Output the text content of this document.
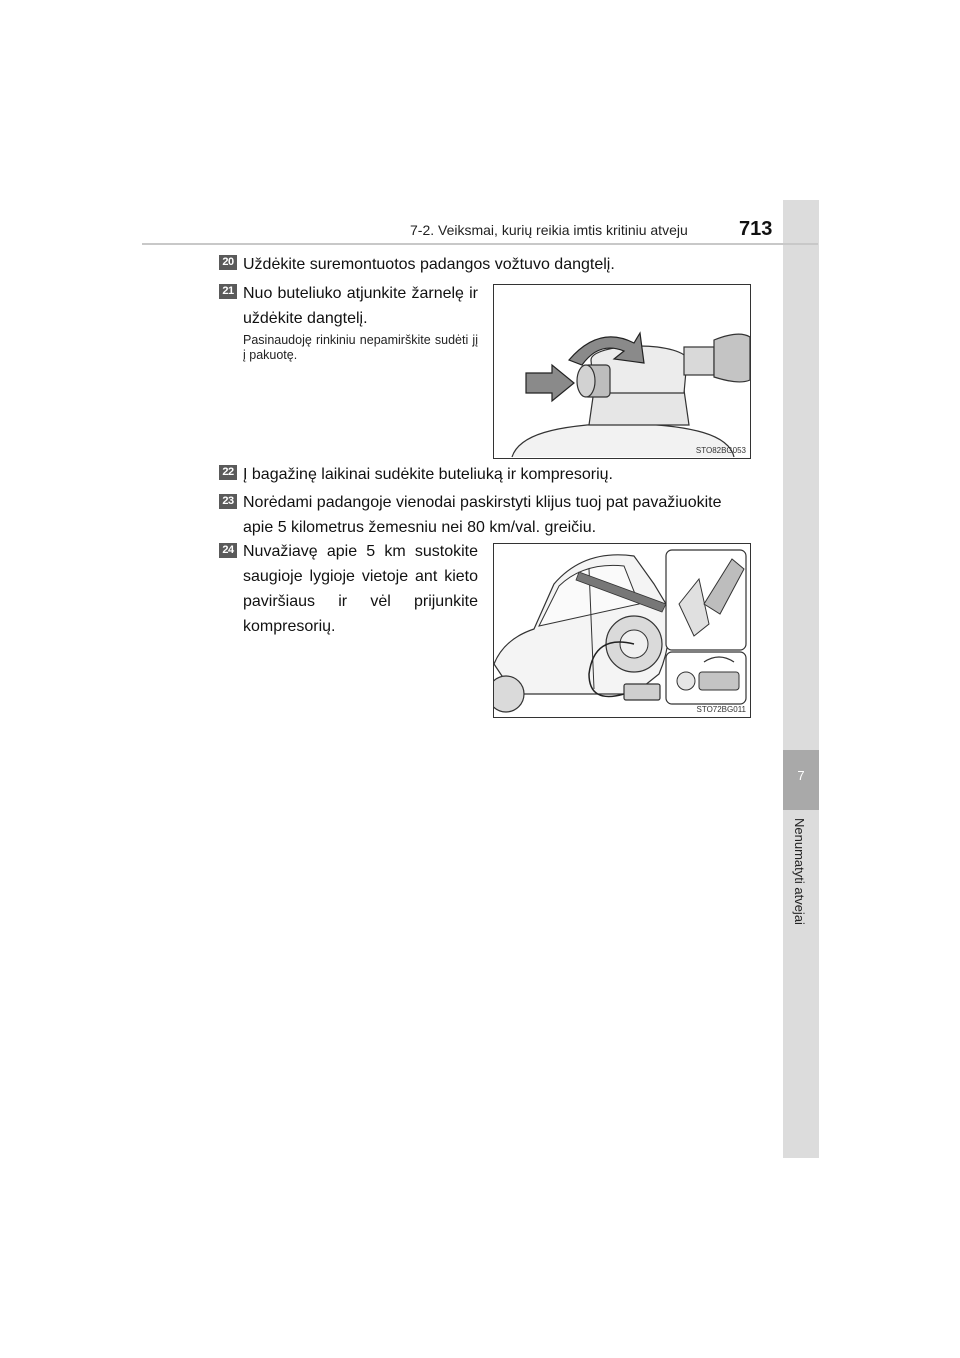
7
Nenumatyti atvejai
7-2. Veiksmai, kurių reikia imtis kritiniu atveju	713
20 Uždėkite suremontuotos padangos vožtuvo dangtelį.
21 Nuo buteliuko atjunkite žarnelę ir uždėkite dangtelį.
Pasinaudoję rinkiniu nepamirškite sudėti jį į pakuotę.
STO82BG053
22 Į bagažinę laikinai sudėkite buteliuką ir kompresorių.
23 Norėdami padangoje vienodai paskirstyti klijus tuoj pat pavažiuokite apie 5 kilometrus žemesniu nei 80 km/val. greičiu.
24 Nuvažiavę apie 5 km sustokite saugioje lygioje vietoje ant kieto paviršiaus ir vėl prijunkite kompresorių.
STO72BG011
